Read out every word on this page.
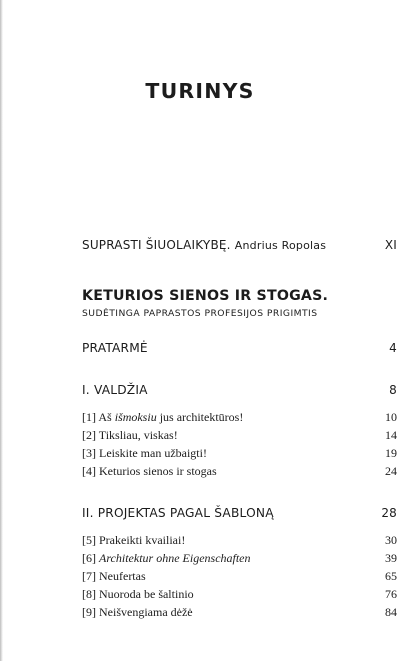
TURINYS
SUPRASTI ŠIUOLAIKYBĘ. Andrius Ropolas	XI
KETURIOS SIENOS IR STOGAS.
SUDĖTINGA PAPRASTOS PROFESIJOS PRIGIMTIS
PRATARMĖ	4
I. VALDŽIA	8
[1] Aš išmoksiu jus architektūros!	10
[2] Tiksliau, viskas!	14
[3] Leiskite man užbaigti!	19
[4] Keturios sienos ir stogas	24
II. PROJEKTAS PAGAL ŠABLONĄ	28
[5] Prakeikti kvailiai!	30
[6] Architektur ohne Eigenschaften	39
[7] Neufertas	65
[8] Nuoroda be šaltinio	76
[9] Neišvengiama dėžė	84
